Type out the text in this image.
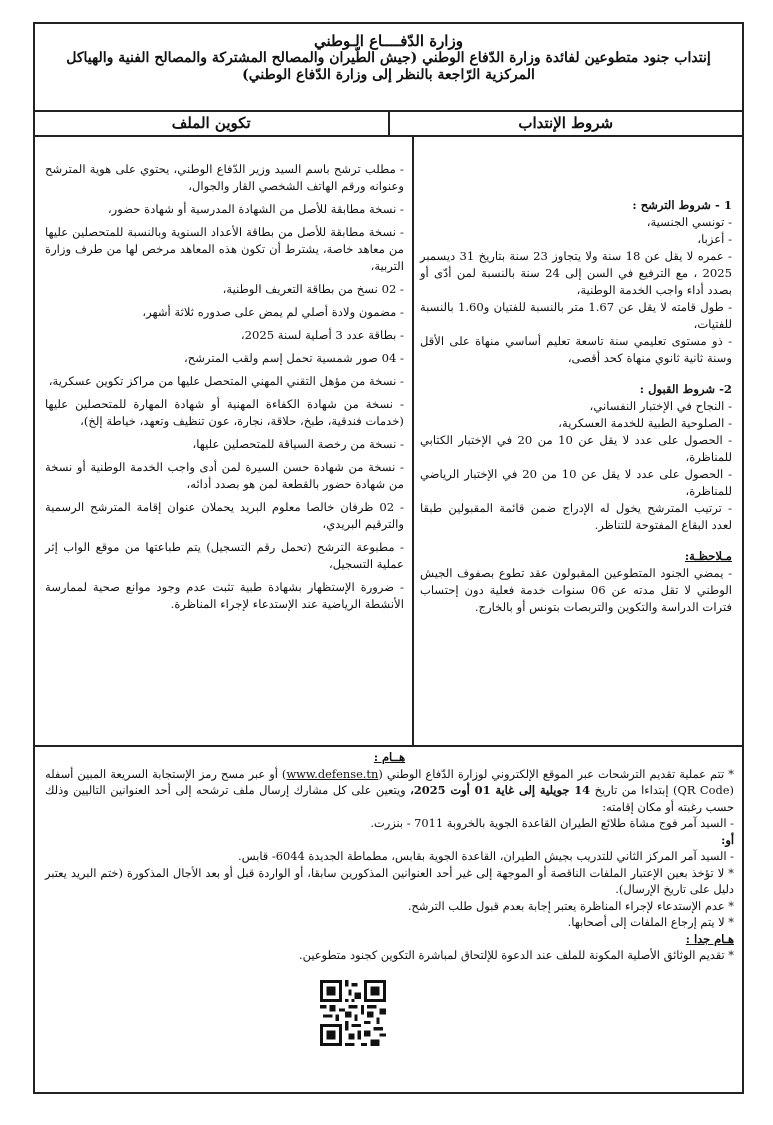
وزارة الدّفــــاع الـوطني
إنتداب جنود متطوعين لفائدة وزارة الدّفاع الوطني (جيش الطّيران والمصالح المشتركة والمصالح الفنية والهياكل المركزية الرّاجعة بالنظر إلى وزارة الدّفاع الوطني)
شروط الإنتداب
تكوين الملف

1 - شروط الترشح :

- تونسي الجنسية،

- أعزبا،

- عمره لا يقل عن 18 سنة ولا يتجاوز 23 سنة بتاريخ 31 ديسمبر 2025 ، مع الترفيع في السن إلى 24 سنة بالنسبة لمن أدّى أو بصدد أداء واجب الخدمة الوطنية،

- طول قامته لا يقل عن 1.67 متر بالنسبة للفتيان و1.60 بالنسبة للفتيات،

- ذو مستوى تعليمي سنة تاسعة تعليم أساسي منهاة على الأقل وسنة ثانية ثانوي منهاة كحد أقصى،

2- شروط القبول :

- النجاح في الإختبار النفساني،

- الصلوحية الطبية للخدمة العسكرية،

- الحصول على عدد لا يقل عن 10 من 20 في الإختبار الكتابي للمناظرة،

- الحصول على عدد لا يقل عن 10 من 20 في الإختبار الرياضي للمناظرة،

- ترتيب المترشح يخول له الإدراج ضمن قائمة المقبولين طبقا لعدد البقاع المفتوحة للتناظر.

مـلاحظـة:

- يمضي الجنود المتطوعين المقبولون عقد تطوع بصفوف الجيش الوطني لا تقل مدته عن 06 سنوات خدمة فعلية دون إحتساب فترات الدراسة والتكوين والتربصات بتونس أو بالخارج.

- مطلب ترشح باسم السيد وزير الدّفاع الوطني، يحتوي على هوية المترشح وعنوانه ورقم الهاتف الشخصي القار والجوال،

- نسخة مطابقة للأصل من الشهادة المدرسية أو شهادة حضور،

- نسخة مطابقة للأصل من بطاقة الأعداد السنوية وبالنسبة للمتحصلين عليها من معاهد خاصة، يشترط أن تكون هذه المعاهد مرخص لها من طرف وزارة التربية،

- 02 نسخ من بطاقة التعريف الوطنية،

- مضمون ولادة أصلي لم يمض على صدوره ثلاثة أشهر،

- بطاقة عدد 3 أصلية لسنة 2025،

- 04 صور شمسية تحمل إسم ولقب المترشح،

- نسخة من مؤهل التقني المهني المتحصل عليها من مراكز تكوين عسكرية،

- نسخة من شهادة الكفاءة المهنية أو شهادة المهارة للمتحصلين عليها (خدمات فندقية، طبخ، حلاقة، نجارة، عون تنظيف وتعهد، خياطة إلخ)،

- نسخة من رخصة السياقة للمتحصلين عليها،

- نسخة من شهادة حسن السيرة لمن أدى واجب الخدمة الوطنية أو نسخة من شهادة حضور بالقطعة لمن هو بصدد أدائه،

- 02 ظرفان خالصا معلوم البريد يحملان عنوان إقامة المترشح الرسمية والترقيم البريدي،

- مطبوعة الترشح (تحمل رقم التسجيل) يتم طباعتها من موقع الواب إثر عملية التسجيل،

- ضرورة الإستظهار بشهادة طبية تثبت عدم وجود موانع صحية لممارسة الأنشطة الرياضية عند الإستدعاء لإجراء المناظرة.

هــام :

* تتم عملية تقديم الترشحات عبر الموقع الإلكتروني لوزارة الدّفاع الوطني (www.defense.tn) أو عبر مسح رمز الإستجابة السريعة المبين أسفله (QR Code) إبتداءا من تاريخ 14 جويلية إلى غاية 01 أوت 2025، ويتعين على كل مشارك إرسال ملف ترشحه إلى أحد العنوانين التاليين وذلك حسب رغبته أو مكان إقامته:

- السيد آمر فوج مشاة طلائع الطيران القاعدة الجوية بالخروبة 7011 - بنزرت.

أو:

- السيد آمر المركز الثاني للتدريب بجيش الطيران، القاعدة الجوية بقابس، مطماطة الجديدة 6044- قابس.

* لا تؤخذ بعين الإعتبار الملفات الناقصة أو الموجهة إلى غير أحد العنوانين المذكورين سابقا، أو الواردة قبل أو بعد الأجال المذكورة (ختم البريد يعتبر دليل على تاريخ الإرسال).

* عدم الإستدعاء لإجراء المناظرة يعتبر إجابة بعدم قبول طلب الترشح.

* لا يتم إرجاع الملفات إلى أصحابها.

هـام جدا :

* تقديم الوثائق الأصلية المكونة للملف عند الدعوة للإلتحاق لمباشرة التكوين كجنود متطوعين.
